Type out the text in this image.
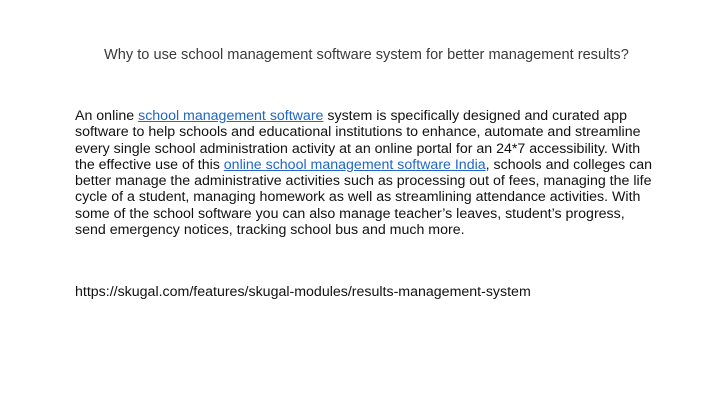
Why to use school management software system for better management results?
An online school management software system is specifically designed and curated app software to help schools and educational institutions to enhance, automate and streamline every single school administration activity at an online portal for an 24*7 accessibility. With the effective use of this online school management software India, schools and colleges can better manage the administrative activities such as processing out of fees, managing the life cycle of a student, managing homework as well as streamlining attendance activities. With some of the school software you can also manage teacher’s leaves, student’s progress, send emergency notices, tracking school bus and much more.
https://skugal.com/features/skugal-modules/results-management-system
